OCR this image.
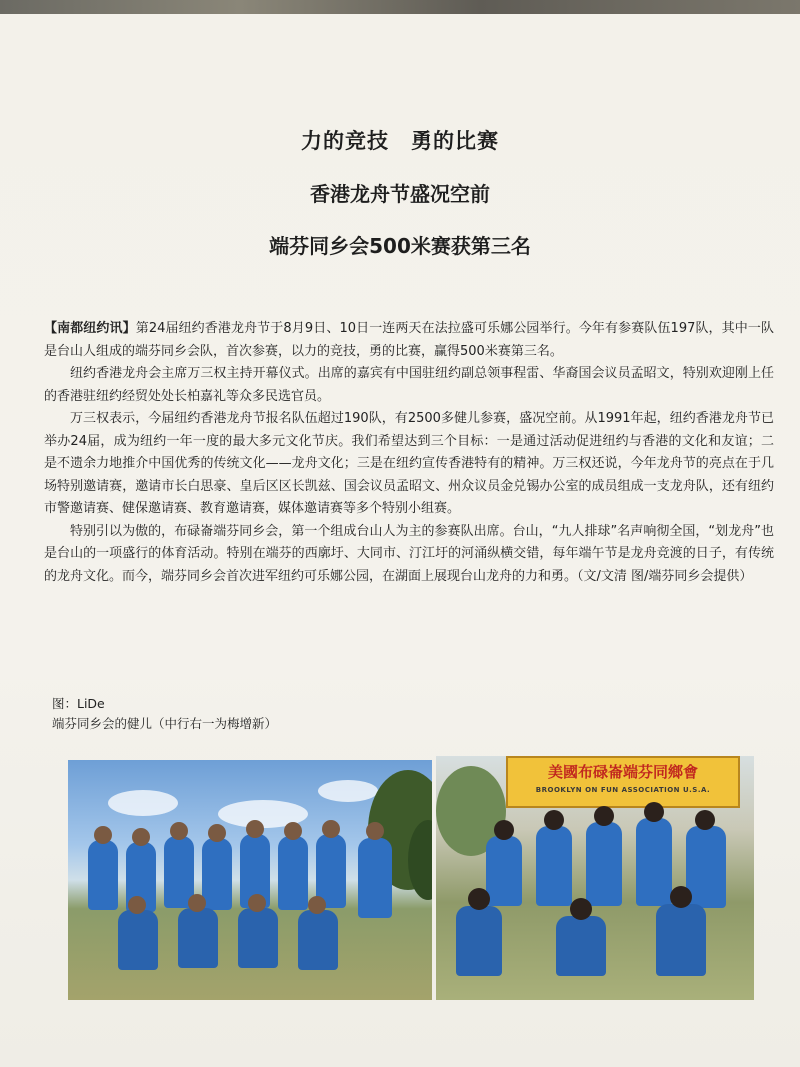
力的竞技　勇的比赛
香港龙舟节盛况空前
端芬同乡会500米赛获第三名

【南都纽约讯】第24届纽约香港龙舟节于8月9日、10日一连两天在法拉盛可乐娜公园举行。今年有参赛队伍197队，其中一队是台山人组成的端芬同乡会队，首次参赛，以力的竞技，勇的比赛，赢得500米赛第三名。

纽约香港龙舟会主席万三权主持开幕仪式。出席的嘉宾有中国驻纽约副总领事程雷、华裔国会议员孟昭文，特别欢迎刚上任的香港驻纽约经贸处处长柏嘉礼等众多民选官员。

万三权表示，今届纽约香港龙舟节报名队伍超过190队，有2500多健儿参赛，盛况空前。从1991年起，纽约香港龙舟节已举办24届，成为纽约一年一度的最大多元文化节庆。我们希望达到三个目标：一是通过活动促进纽约与香港的文化和友谊；二是不遗余力地推介中国优秀的传统文化——龙舟文化；三是在纽约宣传香港特有的精神。万三权还说，今年龙舟节的亮点在于几场特别邀请赛，邀请市长白思豪、皇后区区长凯兹、国会议员孟昭文、州众议员金兑锡办公室的成员组成一支龙舟队，还有纽约市警邀请赛、健保邀请赛、教育邀请赛，媒体邀请赛等多个特别小组赛。

特别引以为傲的，布碌崙端芬同乡会，第一个组成台山人为主的参赛队出席。台山，“九人排球”名声响彻全国，“划龙舟”也是台山的一项盛行的体育活动。特别在端芬的西廓圩、大同市、汀江圩的河涌纵横交错，每年端午节是龙舟竞渡的日子，有传统的龙舟文化。而今，端芬同乡会首次进军纽约可乐娜公园，在湖面上展现台山龙舟的力和勇。（文/文清 图/端芬同乡会提供）

图：LiDe
端芬同乡会的健儿（中行右一为梅增新）
美國布碌崙端芬同鄉會
BROOKLYN ON FUN ASSOCIATION U.S.A.
